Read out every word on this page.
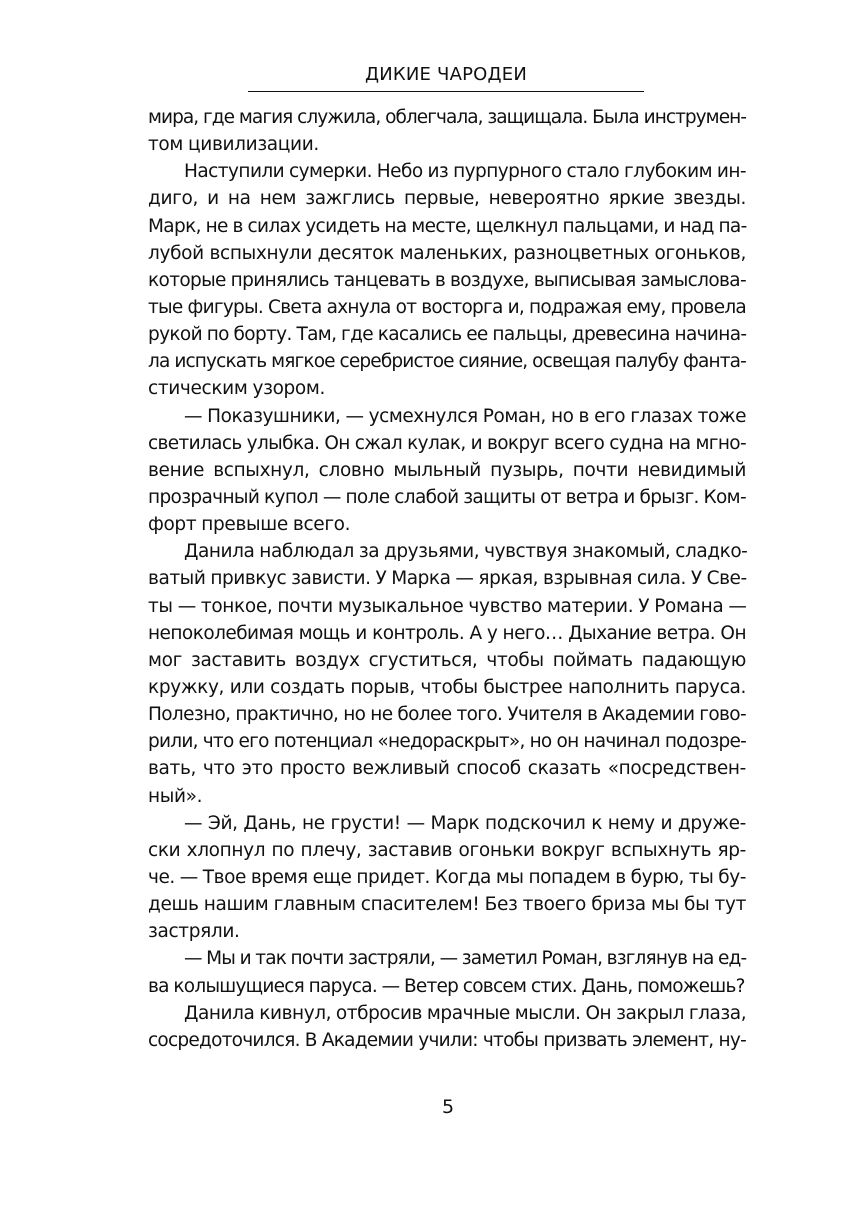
ДИКИЕ ЧАРОДЕИ
мира, где магия служила, облегчала, защищала. Была инструмен-
том цивилизации.
Наступили сумерки. Небо из пурпурного стало глубоким ин-
диго, и на нем зажглись первые, невероятно яркие звезды.
Марк, не в силах усидеть на месте, щелкнул пальцами, и над па-
лубой вспыхнули десяток маленьких, разноцветных огоньков,
которые принялись танцевать в воздухе, выписывая замыслова-
тые фигуры. Света ахнула от восторга и, подражая ему, провела
рукой по борту. Там, где касались ее пальцы, древесина начина-
ла испускать мягкое серебристое сияние, освещая палубу фанта-
стическим узором.
— Показушники, — усмехнулся Роман, но в его глазах тоже
светилась улыбка. Он сжал кулак, и вокруг всего судна на мгно-
вение вспыхнул, словно мыльный пузырь, почти невидимый
прозрачный купол — поле слабой защиты от ветра и брызг. Ком-
форт превыше всего.
Данила наблюдал за друзьями, чувствуя знакомый, сладко-
ватый привкус зависти. У Марка — яркая, взрывная сила. У Све-
ты — тонкое, почти музыкальное чувство материи. У Романа —
непоколебимая мощь и контроль. А у него… Дыхание ветра. Он
мог заставить воздух сгуститься, чтобы поймать падающую
кружку, или создать порыв, чтобы быстрее наполнить паруса.
Полезно, практично, но не более того. Учителя в Академии гово-
рили, что его потенциал «недораскрыт», но он начинал подозре-
вать, что это просто вежливый способ сказать «посредствен-
ный».
— Эй, Дань, не грусти! — Марк подскочил к нему и друже-
ски хлопнул по плечу, заставив огоньки вокруг вспыхнуть яр-
че. — Твое время еще придет. Когда мы попадем в бурю, ты бу-
дешь нашим главным спасителем! Без твоего бриза мы бы тут
застряли.
— Мы и так почти застряли, — заметил Роман, взглянув на ед-
ва колышущиеся паруса. — Ветер совсем стих. Дань, поможешь?
Данила кивнул, отбросив мрачные мысли. Он закрыл глаза,
сосредоточился. В Академии учили: чтобы призвать элемент, ну-
5
